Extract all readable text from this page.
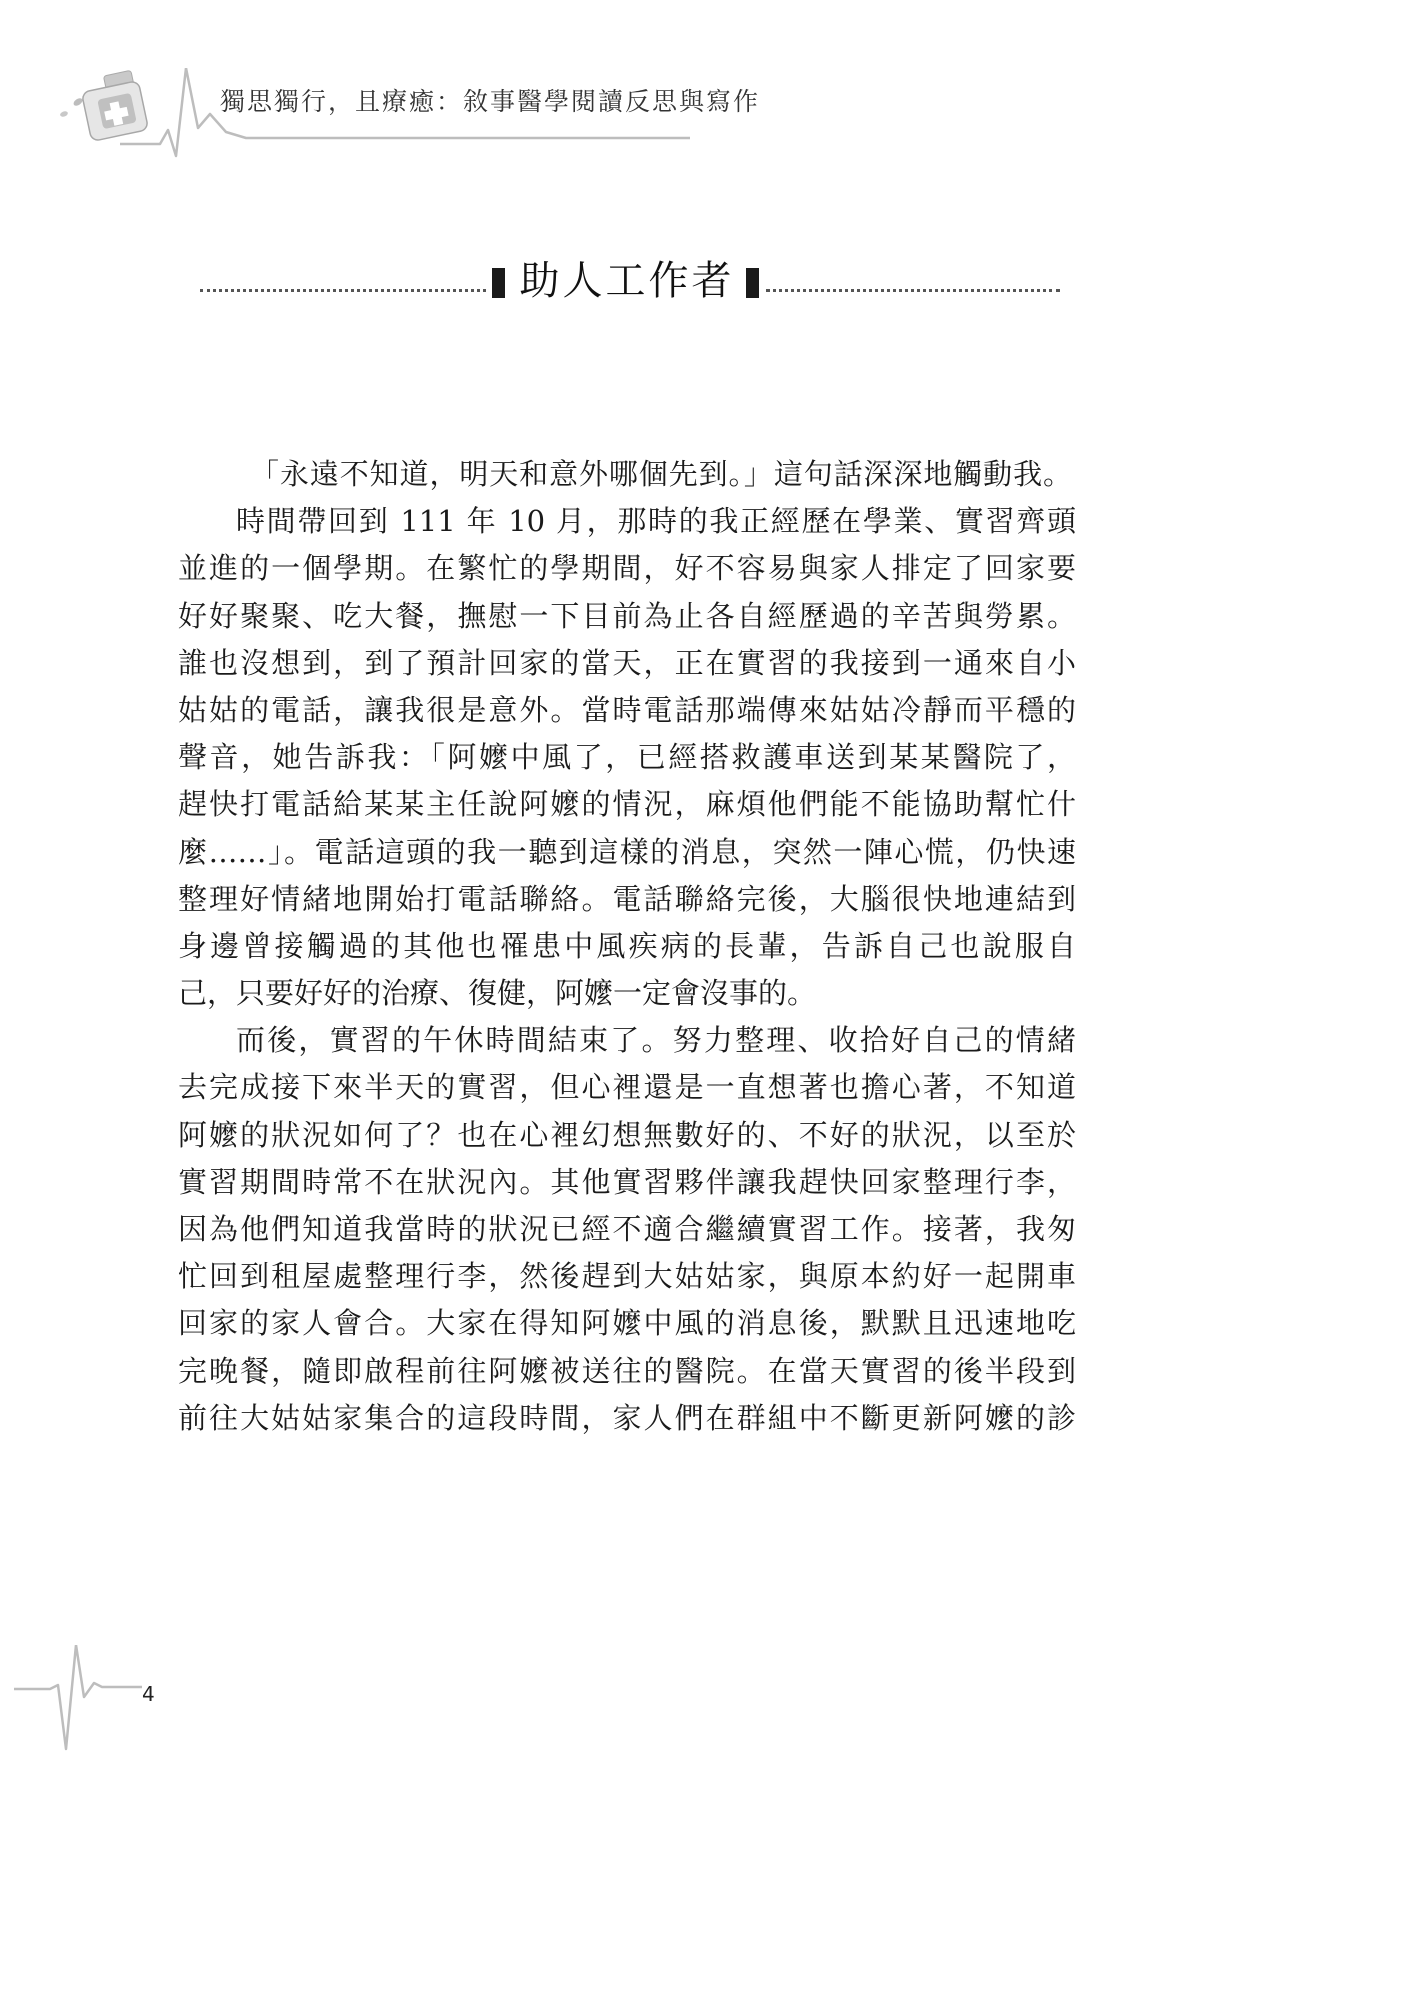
獨思獨行，且療癒：敘事醫學閱讀反思與寫作
助人工作者
「永遠不知道，明天和意外哪個先到。」這句話深深地觸動我。
時間帶回到 111 年 10 月，那時的我正經歷在學業、實習齊頭
並進的一個學期。在繁忙的學期間，好不容易與家人排定了回家要
好好聚聚、吃大餐，撫慰一下目前為止各自經歷過的辛苦與勞累。
誰也沒想到，到了預計回家的當天，正在實習的我接到一通來自小
姑姑的電話，讓我很是意外。當時電話那端傳來姑姑冷靜而平穩的
聲音，她告訴我：「阿嬤中風了，已經搭救護車送到某某醫院了，
趕快打電話給某某主任說阿嬤的情況，麻煩他們能不能協助幫忙什
麼……」。電話這頭的我一聽到這樣的消息，突然一陣心慌，仍快速
整理好情緒地開始打電話聯絡。電話聯絡完後，大腦很快地連結到
身邊曾接觸過的其他也罹患中風疾病的長輩，告訴自己也說服自
己，只要好好的治療、復健，阿嬤一定會沒事的。
而後，實習的午休時間結束了。努力整理、收拾好自己的情緒
去完成接下來半天的實習，但心裡還是一直想著也擔心著，不知道
阿嬤的狀況如何了？也在心裡幻想無數好的、不好的狀況，以至於
實習期間時常不在狀況內。其他實習夥伴讓我趕快回家整理行李，
因為他們知道我當時的狀況已經不適合繼續實習工作。接著，我匆
忙回到租屋處整理行李，然後趕到大姑姑家，與原本約好一起開車
回家的家人會合。大家在得知阿嬤中風的消息後，默默且迅速地吃
完晚餐，隨即啟程前往阿嬤被送往的醫院。在當天實習的後半段到
前往大姑姑家集合的這段時間，家人們在群組中不斷更新阿嬤的診
4
